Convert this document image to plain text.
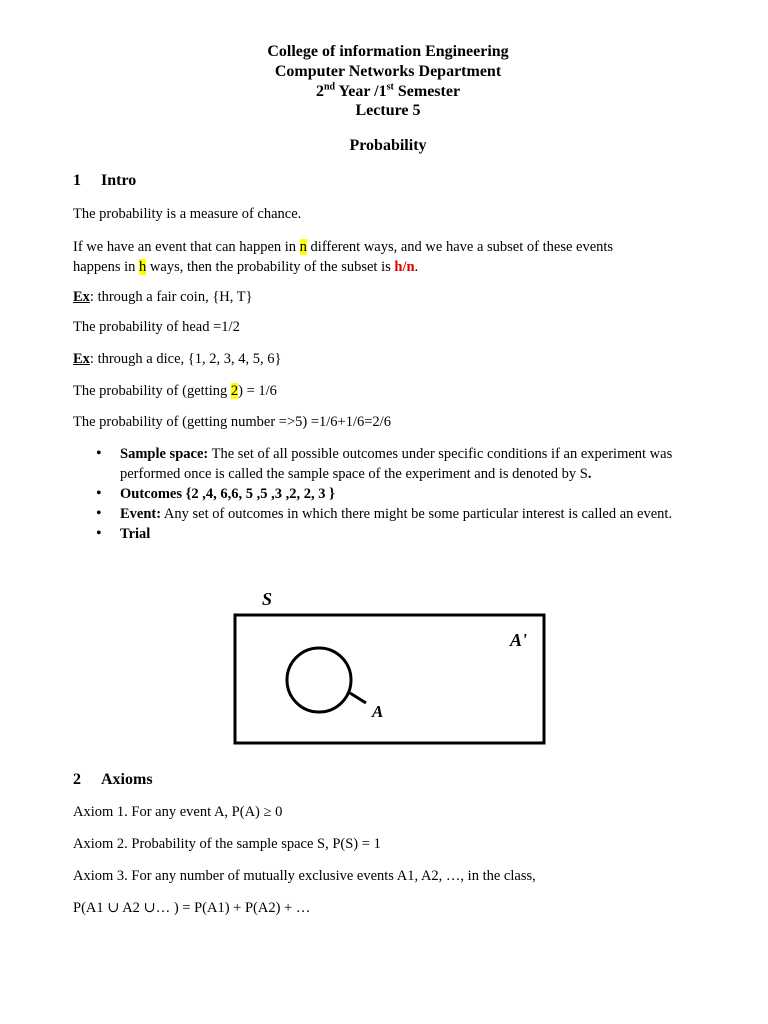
College of information Engineering
Computer Networks Department
2nd Year /1st Semester
Lecture 5
Probability
1 Intro
The probability is a measure of chance.
If we have an event that can happen in n different ways, and we have a subset of these events
happens in h ways, then the probability of the subset is h/n.
Ex: through a fair coin, {H, T}
The probability of head =1/2
Ex: through a dice, {1, 2, 3, 4, 5, 6}
The probability of (getting 2) = 1/6
The probability of (getting number =>5) =1/6+1/6=2/6
• Sample space: The set of all possible outcomes under specific conditions if an experiment was performed once is called the sample space of the experiment and is denoted by S.
• Outcomes {2 ,4, 6,6, 5 ,5 ,3 ,2, 2, 3 }
• Event: Any set of outcomes in which there might be some particular interest is called an event.
• Trial
S
A'
A
2 Axioms
Axiom 1. For any event A, P(A) ≥ 0
Axiom 2. Probability of the sample space S, P(S) = 1
Axiom 3. For any number of mutually exclusive events A1, A2, …, in the class,
P(A1 ∪ A2 ∪… ) = P(A1) + P(A2) + …
